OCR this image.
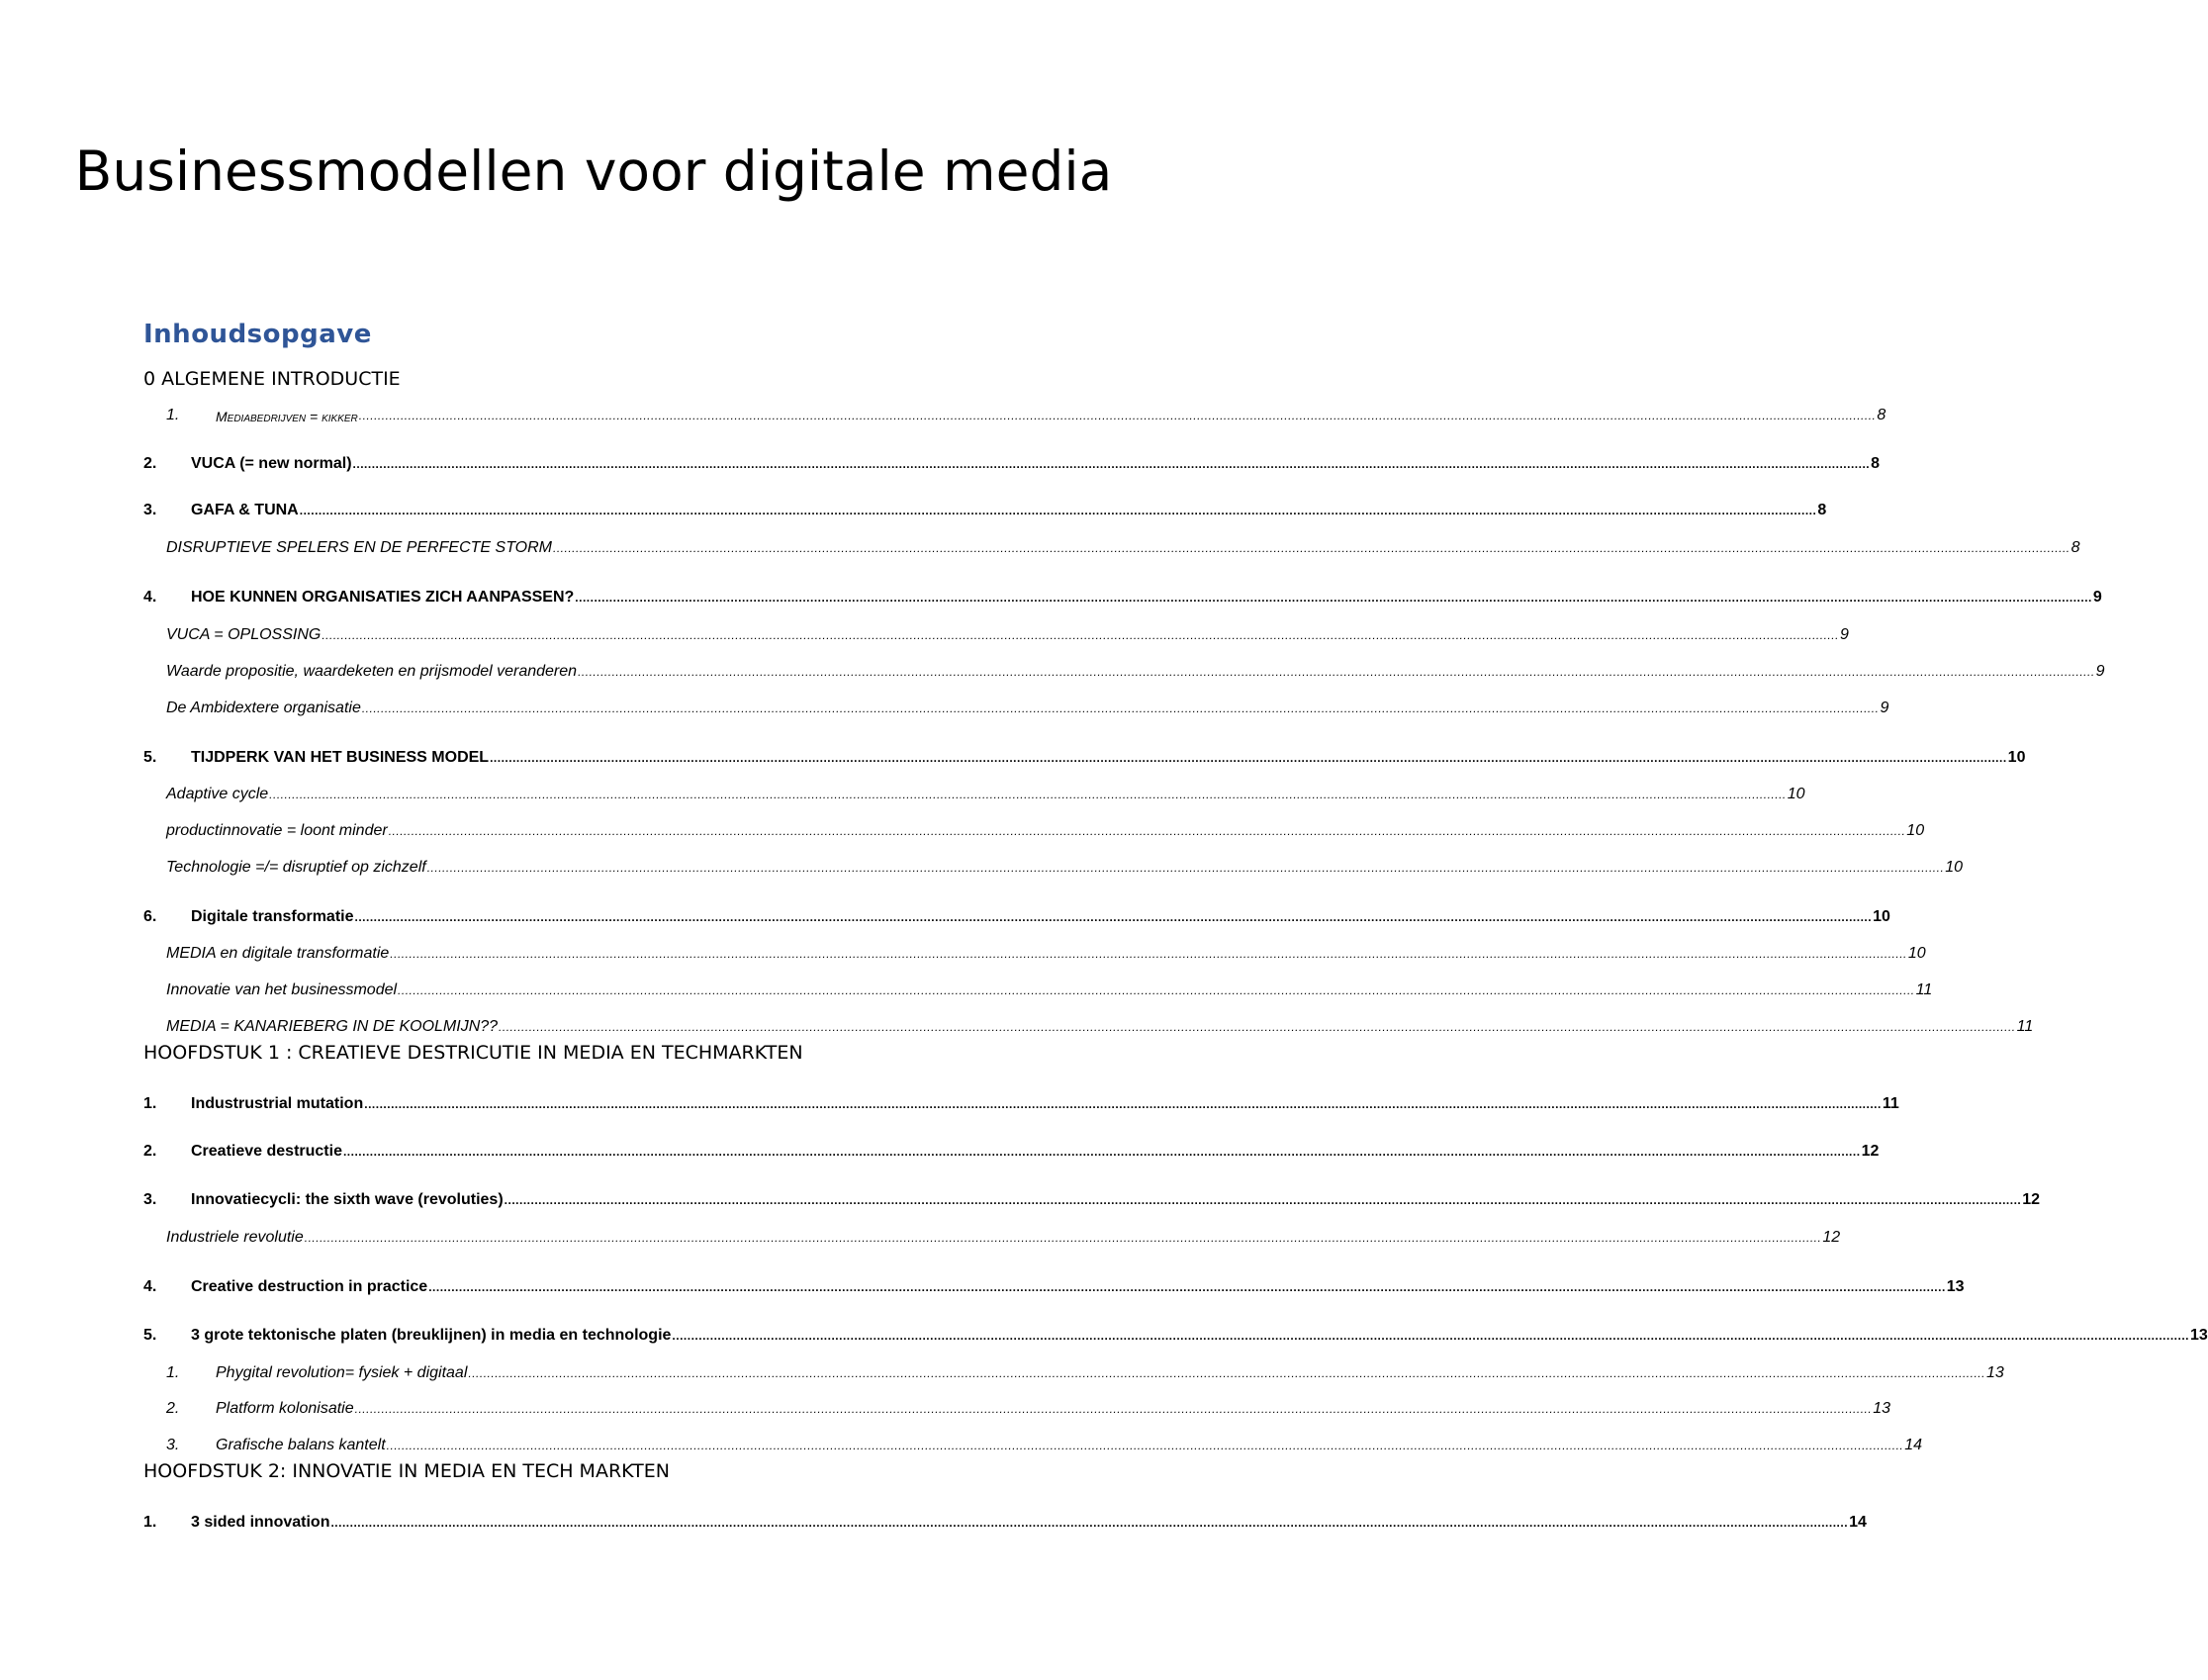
Businessmodellen voor digitale media
Inhoudsopgave
0 ALGEMENE INTRODUCTIE
1.	Mediabedrijven = kikker ................................................................................................................................................................................................................................................................................................................................................................................................................ 8
2.	VUCA (= new normal) ................................................................................................................................................................................................................................................................................................................................................................................................................ 8
3.	GAFA & TUNA ................................................................................................................................................................................................................................................................................................................................................................................................................ 8
DISRUPTIEVE SPELERS EN DE PERFECTE STORM ................................................................................................................................................................................................................................................................................................................................................................................................................ 8
4.	HOE KUNNEN ORGANISATIES ZICH AANPASSEN? ................................................................................................................................................................................................................................................................................................................................................................................................................ 9
VUCA = OPLOSSING ................................................................................................................................................................................................................................................................................................................................................................................................................ 9
Waarde propositie, waardeketen en prijsmodel veranderen ................................................................................................................................................................................................................................................................................................................................................................................................................ 9
De Ambidextere organisatie ................................................................................................................................................................................................................................................................................................................................................................................................................ 9
5.	TIJDPERK VAN HET BUSINESS MODEL ................................................................................................................................................................................................................................................................................................................................................................................................................ 10
Adaptive cycle ................................................................................................................................................................................................................................................................................................................................................................................................................ 10
productinnovatie = loont minder ................................................................................................................................................................................................................................................................................................................................................................................................................ 10
Technologie =/= disruptief op zichzelf ................................................................................................................................................................................................................................................................................................................................................................................................................ 10
6.	Digitale transformatie ................................................................................................................................................................................................................................................................................................................................................................................................................ 10
MEDIA en digitale transformatie ................................................................................................................................................................................................................................................................................................................................................................................................................ 10
Innovatie van het businessmodel ................................................................................................................................................................................................................................................................................................................................................................................................................ 11
MEDIA = KANARIEBERG IN DE KOOLMIJN?? ................................................................................................................................................................................................................................................................................................................................................................................................................ 11
HOOFDSTUK 1 : CREATIEVE DESTRICUTIE IN MEDIA EN TECHMARKTEN
1.	Industrustrial mutation ................................................................................................................................................................................................................................................................................................................................................................................................................ 11
2.	Creatieve destructie ................................................................................................................................................................................................................................................................................................................................................................................................................ 12
3.	Innovatiecycli: the sixth wave (revoluties) ................................................................................................................................................................................................................................................................................................................................................................................................................ 12
Industriele revolutie ................................................................................................................................................................................................................................................................................................................................................................................................................ 12
4.	Creative destruction in practice ................................................................................................................................................................................................................................................................................................................................................................................................................ 13
5.	3 grote tektonische platen (breuklijnen) in media en technologie ................................................................................................................................................................................................................................................................................................................................................................................................................ 13
1.	Phygital revolution= fysiek + digitaal ................................................................................................................................................................................................................................................................................................................................................................................................................ 13
2.	Platform kolonisatie ................................................................................................................................................................................................................................................................................................................................................................................................................ 13
3.	Grafische balans kantelt ................................................................................................................................................................................................................................................................................................................................................................................................................ 14
HOOFDSTUK 2: INNOVATIE IN MEDIA EN TECH MARKTEN
1.	3 sided innovation ................................................................................................................................................................................................................................................................................................................................................................................................................ 14
